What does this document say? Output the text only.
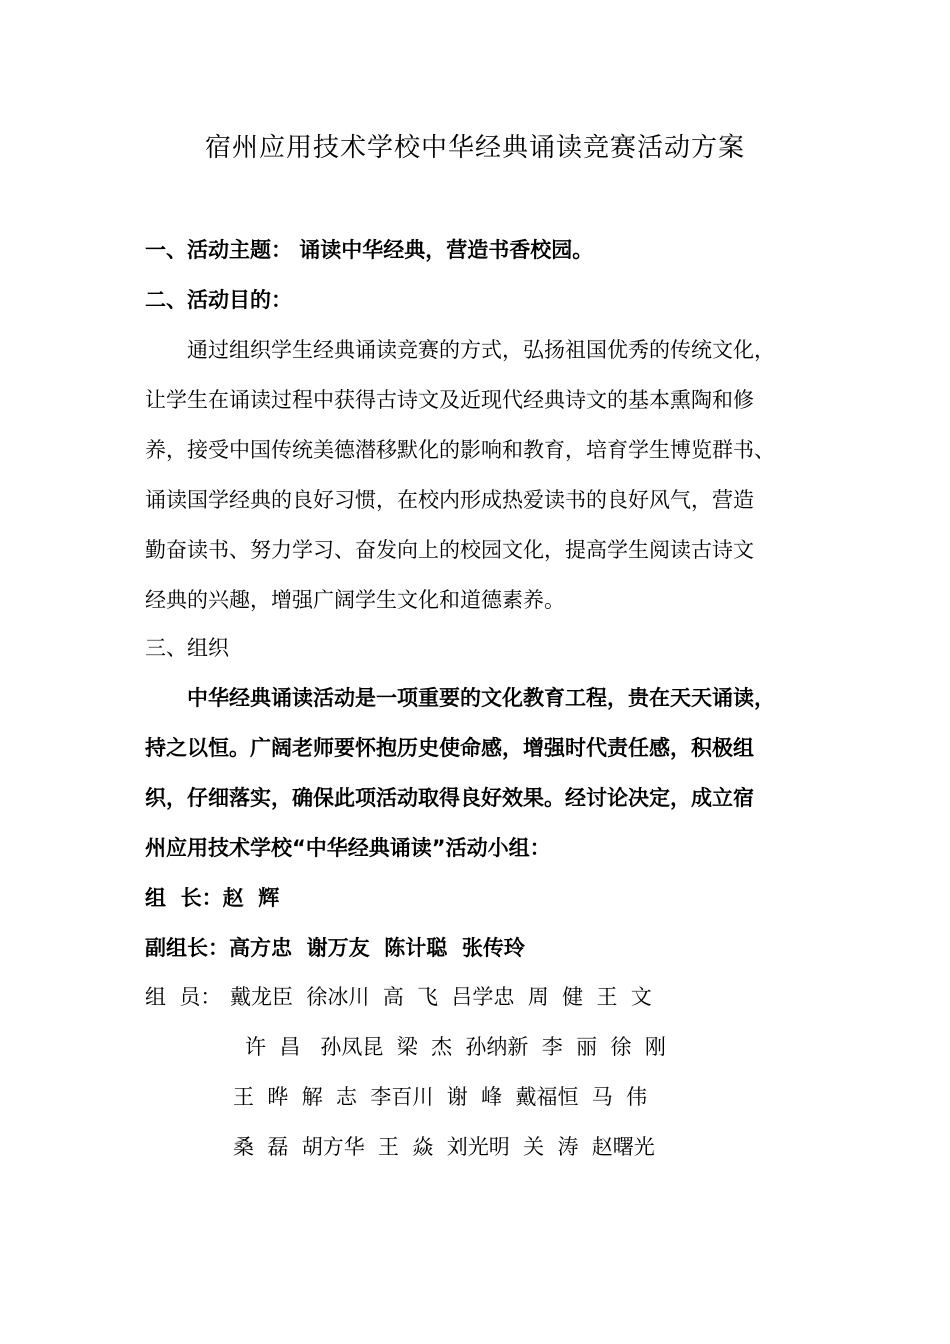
宿州应用技术学校中华经典诵读竞赛活动方案
一、活动主题： 诵读中华经典，营造书香校园。
二、活动目的：
　　通过组织学生经典诵读竞赛的方式，弘扬祖国优秀的传统文化，
让学生在诵读过程中获得古诗文及近现代经典诗文的基本熏陶和修
养，接受中国传统美德潜移默化的影响和教育，培育学生博览群书、
诵读国学经典的良好习惯，在校内形成热爱读书的良好风气，营造
勤奋读书、努力学习、奋发向上的校园文化，提高学生阅读古诗文
经典的兴趣，增强广阔学生文化和道德素养。
三、组织
　　中华经典诵读活动是一项重要的文化教育工程，贵在天天诵读，
持之以恒。广阔老师要怀抱历史使命感，增强时代责任感，积极组
织，仔细落实，确保此项活动取得良好效果。经讨论决定，成立宿
州应用技术学校“中华经典诵读”活动小组：
组  长：赵  辉
副组长：高方忠  谢万友  陈计聪  张传玲
组  员： 戴龙臣  徐冰川  高  飞  吕学忠  周  健  王  文
许  昌   孙凤昆  梁  杰  孙纳新  李  丽  徐  刚
王  晔  解  志  李百川  谢  峰  戴福恒  马  伟
桑  磊  胡方华  王  焱  刘光明  关  涛  赵曙光
